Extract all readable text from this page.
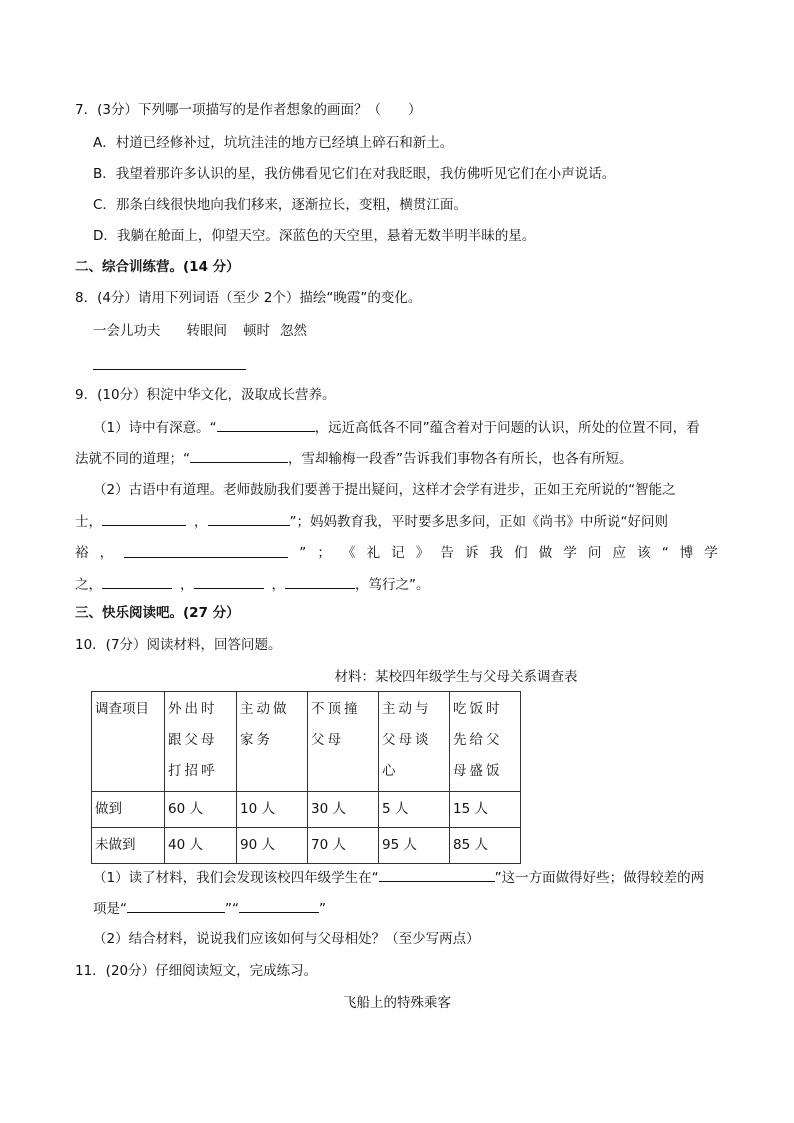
7．(3分）下列哪一项描写的是作者想象的画面？（　　）
A．村道已经修补过，坑坑洼洼的地方已经填上碎石和新土。
B．我望着那许多认识的星，我仿佛看见它们在对我眨眼，我仿佛听见它们在小声说话。
C．那条白线很快地向我们移来，逐渐拉长，变粗，横贯江面。
D．我躺在舱面上，仰望天空。深蓝色的天空里，悬着无数半明半昧的星。
二、综合训练营。(14 分）
8．(4分）请用下列词语（至少 2个）描绘“晚霞”的变化。
一会儿功夫 转眼间 顿时 忽然
9．(10分）积淀中华文化，汲取成长营养。
（1）诗中有深意。“	，远近高低各不同”蕴含着对于问题的认识，所处的位置不同，看
法就不同的道理；“	，雪却输梅一段香”告诉我们事物各有所长，也各有所短。
（2）古语中有道理。老师鼓励我们要善于提出疑问，这样才会学有进步，正如王充所说的“智能之
士，	，	”；妈妈教育我，平时要多思多问，正如《尚书》中所说“好问则
裕 ，	” ； 《 礼 记 》 告 诉 我 们 做 学 问 应 该 “ 博 学
之，	，	，	，笃行之”。
三、快乐阅读吧。(27 分）
10．(7分）阅读材料，回答问题。
材料：某校四年级学生与父母关系调查表
调查项目	外出时跟父母打招呼	主动做家务	不顶撞父母	主动与父母谈心	吃饭时先给父母盛饭
做到	60 人	10 人	30 人	5 人	15 人
未做到	40 人	90 人	70 人	95 人	85 人
（1）读了材料，我们会发现该校四年级学生在“	”这一方面做得好些；做得较差的两
项是“	”“	”
（2）结合材料，说说我们应该如何与父母相处？（至少写两点）
11．(20分）仔细阅读短文，完成练习。
飞船上的特殊乘客
